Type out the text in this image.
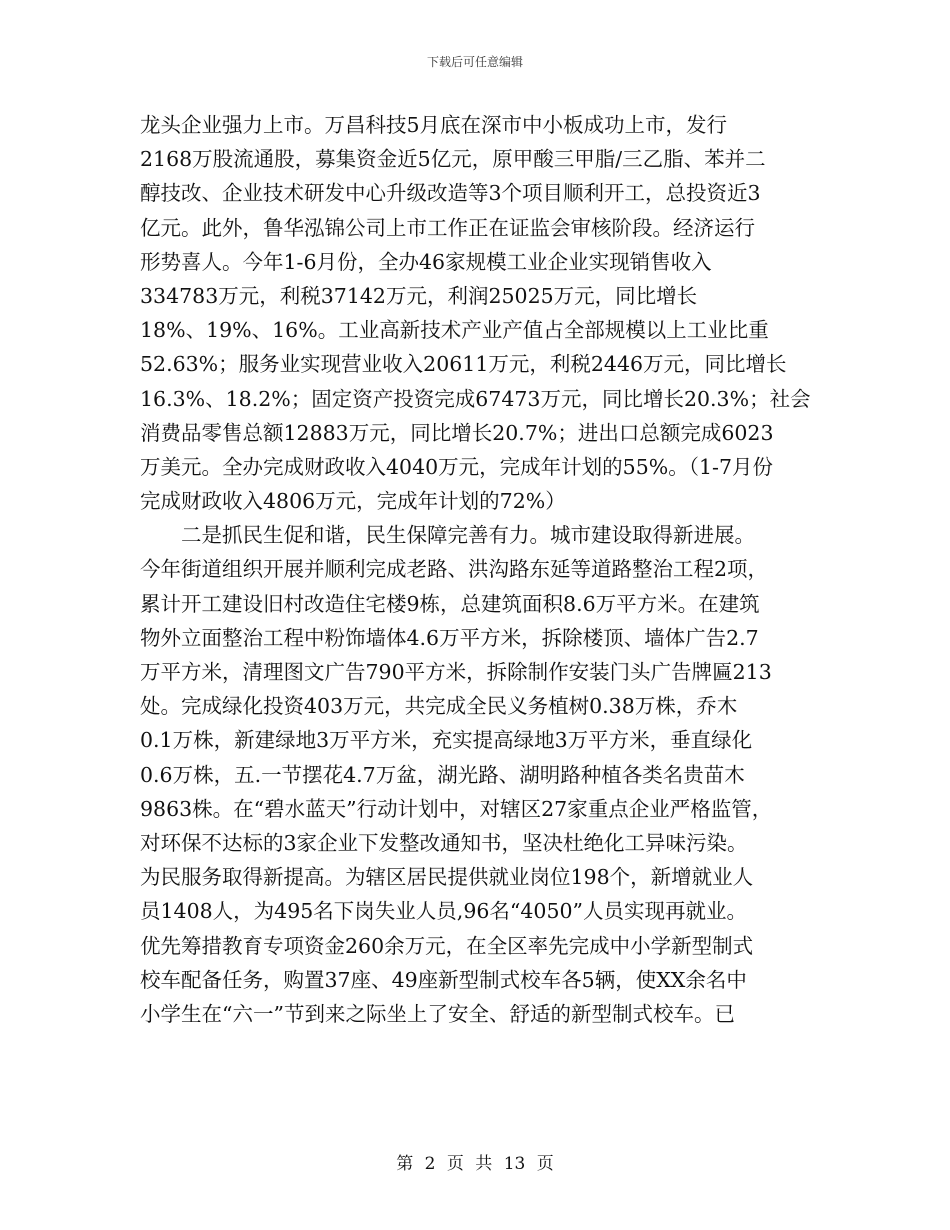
下载后可任意编辑
龙头企业强力上市。万昌科技5月底在深市中小板成功上市，发行
2168万股流通股，募集资金近5亿元，原甲酸三甲脂/三乙脂、苯并二
醇技改、企业技术研发中心升级改造等3个项目顺利开工，总投资近3
亿元。此外，鲁华泓锦公司上市工作正在证监会审核阶段。经济运行
形势喜人。今年1-6月份，全办46家规模工业企业实现销售收入
334783万元，利税37142万元，利润25025万元，同比增长
18%、19%、16%。工业高新技术产业产值占全部规模以上工业比重
52.63%；服务业实现营业收入20611万元，利税2446万元，同比增长
16.3%、18.2%；固定资产投资完成67473万元，同比增长20.3%；社会
消费品零售总额12883万元，同比增长20.7%；进出口总额完成6023
万美元。全办完成财政收入4040万元，完成年计划的55%。（1-7月份
完成财政收入4806万元，完成年计划的72%）
　　二是抓民生促和谐，民生保障完善有力。城市建设取得新进展。
今年街道组织开展并顺利完成老路、洪沟路东延等道路整治工程2项，
累计开工建设旧村改造住宅楼9栋，总建筑面积8.6万平方米。在建筑
物外立面整治工程中粉饰墙体4.6万平方米，拆除楼顶、墙体广告2.7
万平方米，清理图文广告790平方米，拆除制作安装门头广告牌匾213
处。完成绿化投资403万元，共完成全民义务植树0.38万株，乔木
0.1万株，新建绿地3万平方米，充实提高绿地3万平方米，垂直绿化
0.6万株，五.一节摆花4.7万盆，湖光路、湖明路种植各类名贵苗木
9863株。在“碧水蓝天”行动计划中，对辖区27家重点企业严格监管，
对环保不达标的3家企业下发整改通知书，坚决杜绝化工异味污染。
为民服务取得新提高。为辖区居民提供就业岗位198个，新增就业人
员1408人，为495名下岗失业人员,96名“4050”人员实现再就业。
优先筹措教育专项资金260余万元，在全区率先完成中小学新型制式
校车配备任务，购置37座、49座新型制式校车各5辆，使XX余名中
小学生在“六一”节到来之际坐上了安全、舒适的新型制式校车。已
第 2 页 共 13 页
